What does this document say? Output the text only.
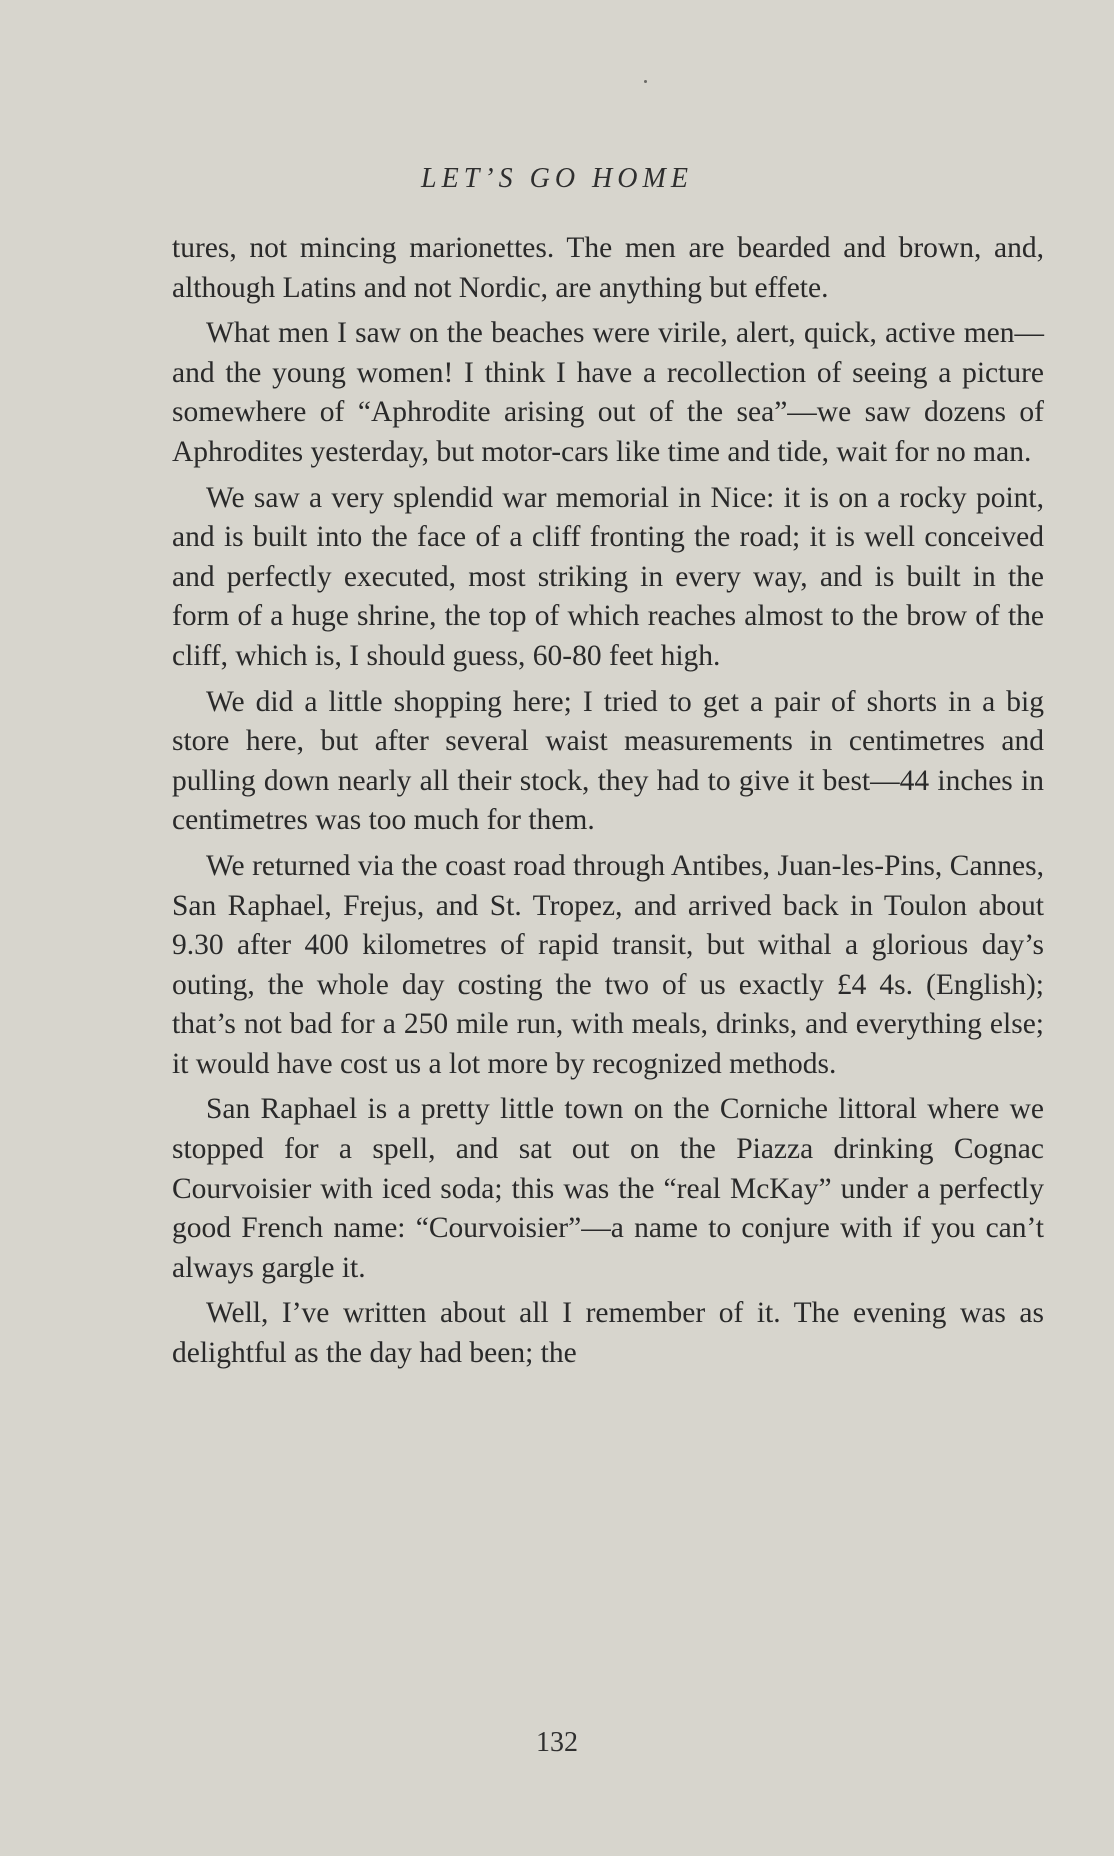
LET’S GO HOME

tures, not mincing marionettes. The men are bearded and brown, and, although Latins and not Nordic, are anything but effete.

What men I saw on the beaches were virile, alert, quick, active men—and the young women! I think I have a recollection of seeing a picture somewhere of “Aphrodite arising out of the sea”—we saw dozens of Aphrodites yesterday, but motor-cars like time and tide, wait for no man.

We saw a very splendid war memorial in Nice: it is on a rocky point, and is built into the face of a cliff fronting the road; it is well conceived and perfectly executed, most striking in every way, and is built in the form of a huge shrine, the top of which reaches almost to the brow of the cliff, which is, I should guess, 60-80 feet high.

We did a little shopping here; I tried to get a pair of shorts in a big store here, but after several waist measurements in centimetres and pulling down nearly all their stock, they had to give it best—44 inches in centimetres was too much for them.

We returned via the coast road through Antibes, Juan-les-Pins, Cannes, San Raphael, Frejus, and St. Tropez, and arrived back in Toulon about 9.30 after 400 kilometres of rapid transit, but withal a glorious day’s outing, the whole day costing the two of us exactly £4 4s. (English); that’s not bad for a 250 mile run, with meals, drinks, and everything else; it would have cost us a lot more by recognized methods.

San Raphael is a pretty little town on the Corniche littoral where we stopped for a spell, and sat out on the Piazza drinking Cognac Courvoisier with iced soda; this was the “real McKay” under a perfectly good French name: “Courvoisier”—a name to conjure with if you can’t always gargle it.

Well, I’ve written about all I remember of it. The evening was as delightful as the day had been; the

132
